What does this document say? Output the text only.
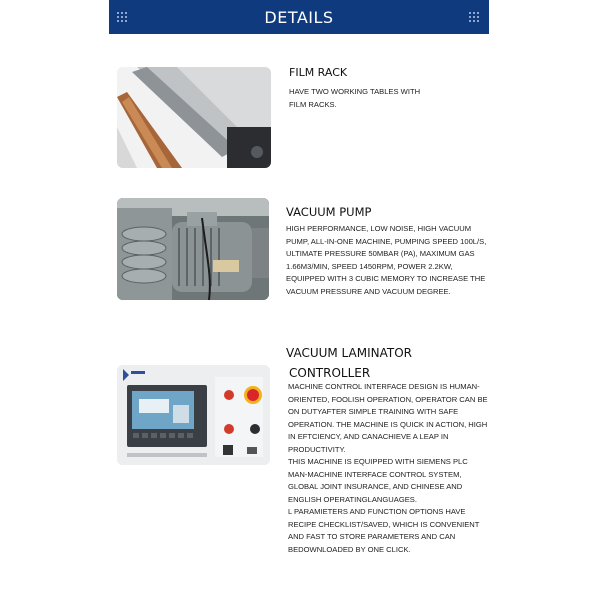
DETAILS
FILM RACK
HAVE TWO WORKING TABLES WITH FILM RACKS.
VACUUM PUMP
HIGH PERFORMANCE, LOW NOISE, HIGH VACUUM PUMP, ALL-IN-ONE MACHINE, PUMPING SPEED 100L/S, ULTIMATE PRESSURE 50MBAR (PA), MAXIMUM GAS 1.66M3/MIN, SPEED 1450RPM, POWER 2.2KW, EQUIPPED WITH 3 CUBIC MEMORY TO INCREASE THE VACUUM PRESSURE AND VACUUM DEGREE.
VACUUM LAMINATOR
CONTROLLER

MACHINE CONTROL INTERFACE DESIGN IS HUMAN-ORIENTED, FOOLISH OPERATION, OPERATOR CAN BE ON DUTYAFTER SIMPLE TRAINING WITH SAFE OPERATION. THE MACHINE IS QUICK IN ACTION, HIGH IN EFTCIENCY, AND CANACHIEVE A LEAP IN PRODUCTIVITY.

THIS MACHINE IS EQUIPPED WITH SIEMENS PLC MAN-MACHINE INTERFACE CONTROL SYSTEM, GLOBAL JOINT INSURANCE, AND CHINESE AND ENGLISH OPERATINGLANGUAGES.

L PARAMIETERS AND FUNCTION OPTIONS HAVE RECIPE CHECKLIST/SAVED, WHICH IS CONVENIENT AND FAST TO STORE PARAMETERS AND CAN BEDOWNLOADED BY ONE CLICK.
